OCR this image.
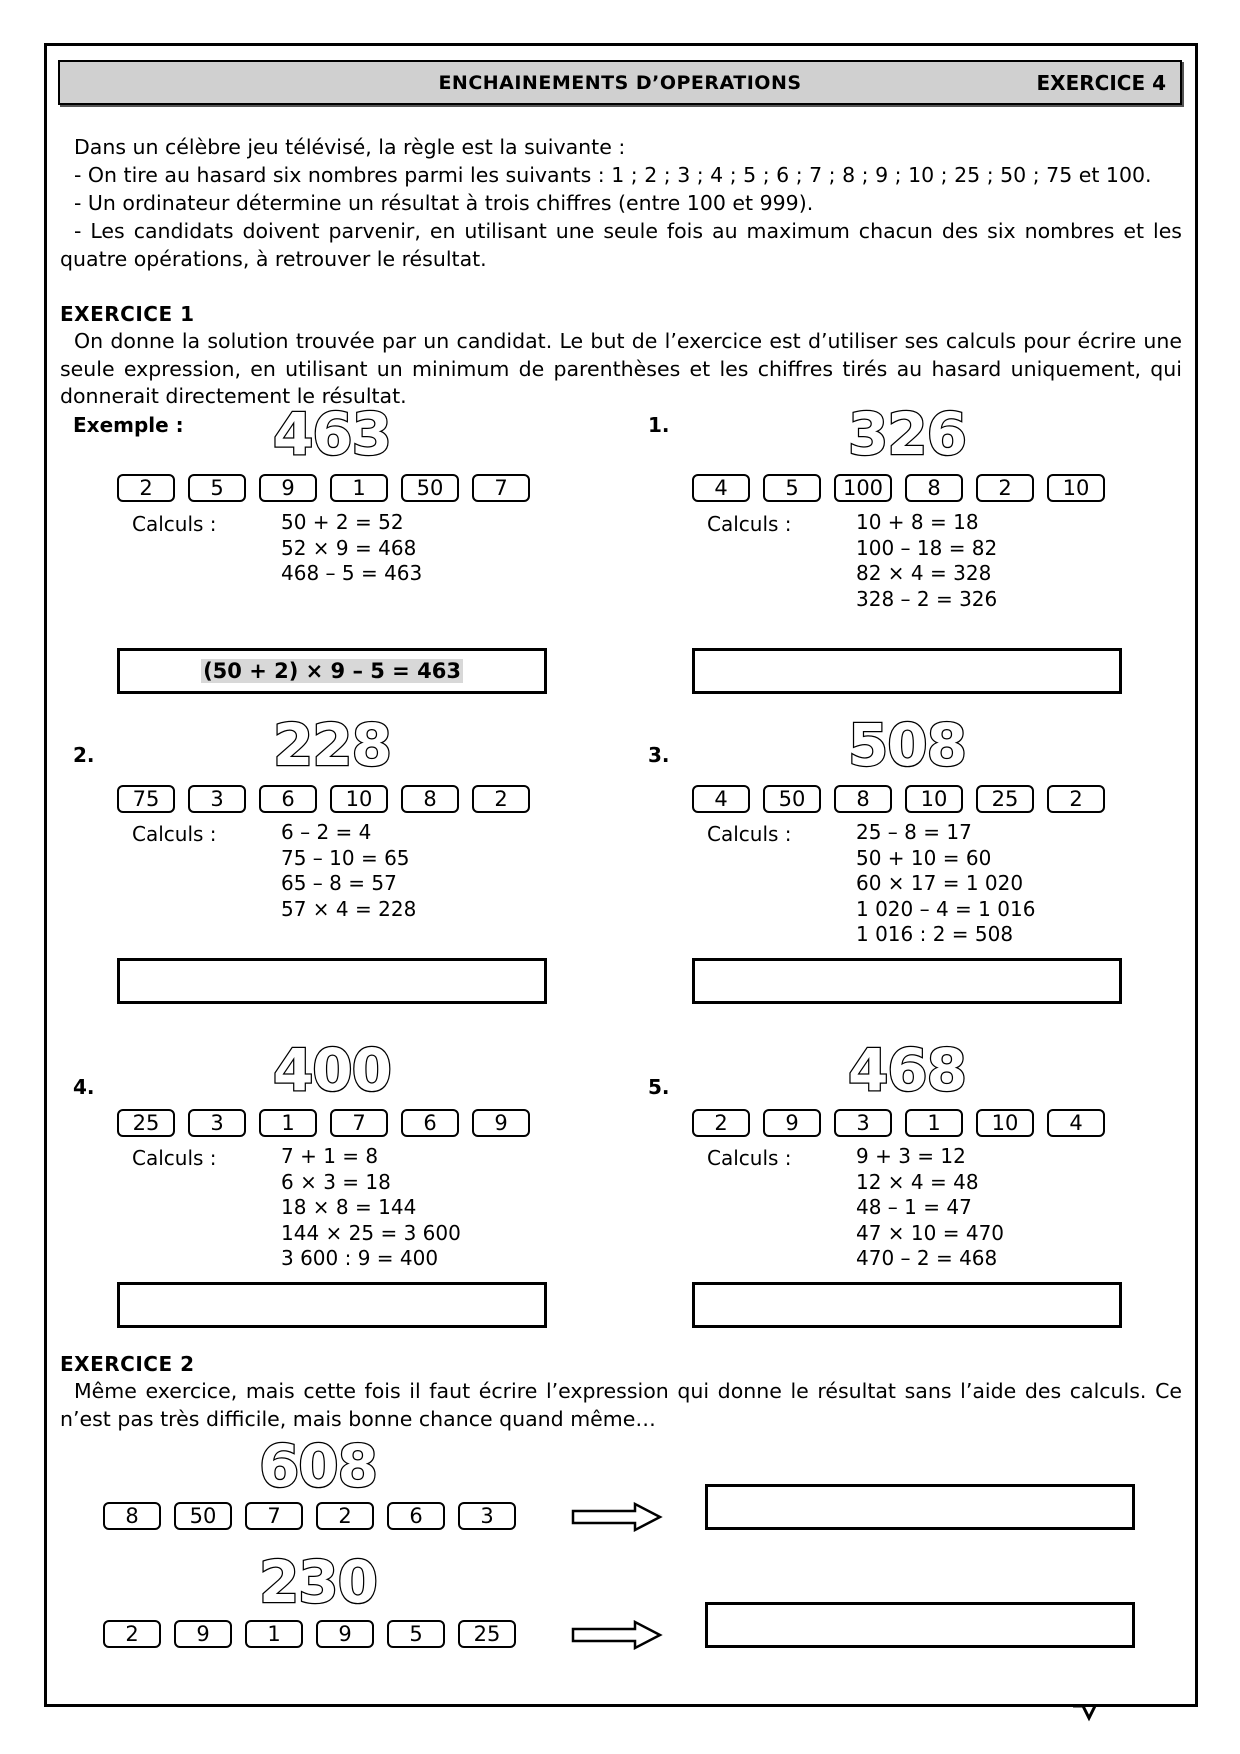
ENCHAINEMENTS D’OPERATIONS	EXERCICE 4
Dans un célèbre jeu télévisé, la règle est la suivante :
- On tire au hasard six nombres parmi les suivants : 1 ; 2 ; 3 ; 4 ; 5 ; 6 ; 7 ; 8 ; 9 ; 10 ; 25 ; 50 ; 75 et 100.
- Un ordinateur détermine un résultat à trois chiffres (entre 100 et 999).
- Les candidats doivent parvenir, en utilisant une seule fois au maximum chacun des six nombres et les quatre opérations, à retrouver le résultat.
EXERCICE 1
On donne la solution trouvée par un candidat. Le but de l’exercice est d’utiliser ses calculs pour écrire une seule expression, en utilisant un minimum de parenthèses et les chiffres tirés au hasard uniquement, qui donnerait directement le résultat.
Exemple :	463
2	5	9	1	50	7
Calculs :	50 + 2 = 52
52 × 9 = 468
468 – 5 = 463
(50 + 2) × 9 – 5 = 463
1.	326
4	5	100	8	2	10
Calculs :	10 + 8 = 18
100 – 18 = 82
82 × 4 = 328
328 – 2 = 326
2.	228
75	3	6	10	8	2
Calculs :	6 – 2 = 4
75 – 10 = 65
65 – 8 = 57
57 × 4 = 228
3.	508
4	50	8	10	25	2
Calculs :	25 – 8 = 17
50 + 10 = 60
60 × 17 = 1 020
1 020 – 4 = 1 016
1 016 : 2 = 508
4.	400
25	3	1	7	6	9
Calculs :	7 + 1 = 8
6 × 3 = 18
18 × 8 = 144
144 × 25 = 3 600
3 600 : 9 = 400
5.	468
2	9	3	1	10	4
Calculs :	9 + 3 = 12
12 × 4 = 48
48 – 1 = 47
47 × 10 = 470
470 – 2 = 468
EXERCICE 2
Même exercice, mais cette fois il faut écrire l’expression qui donne le résultat sans l’aide des calculs. Ce n’est pas très difficile, mais bonne chance quand même…
608
8	50	7	2	6	3
230
2	9	1	9	5	25
